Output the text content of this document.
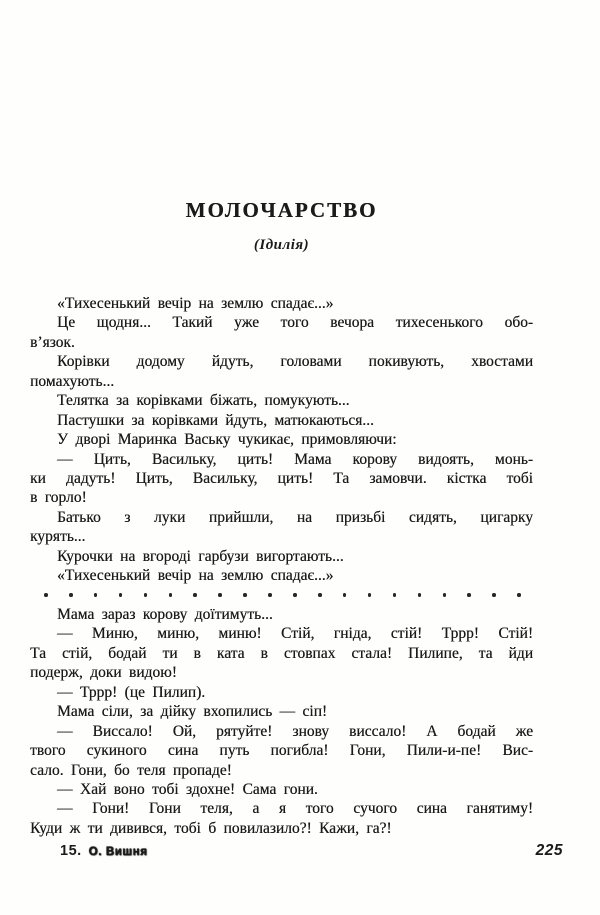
МОЛОЧАРСТВО
(Ідилія)
«Тихесенький вечір на землю спадає...»
Це щодня... Такий уже того вечора тихесенького обо-
в’язок.
Корівки додому йдуть, головами покивують, хвостами
помахують...
Телятка за корівками біжать, помукують...
Пастушки за корівками йдуть, матюкаються...
У дворі Маринка Ваську чукикає, примовляючи:
— Цить, Васильку, цить! Мама корову видоять, монь-
ки дадуть! Цить, Васильку, цить! Та замовчи. кістка тобі
в горло!
Батько з луки прийшли, на призьбі сидять, цигарку
курять...
Курочки на вгороді гарбузи вигортають...
«Тихесенький вечір на землю спадає...»
Мама зараз корову доїтимуть...
— Миню, миню, миню! Стій, гніда, стій! Тррр! Стій!
Та стій, бодай ти в ката в стовпах стала! Пилипе, та йди
подерж, доки видою!
— Тррр! (це Пилип).
Мама сіли, за дійку вхопились — сіп!
— Виссало! Ой, рятуйте! знову виссало! А бодай же
твого сукиного сина путь погибла! Гони, Пили-и-пе! Вис-
сало. Гони, бо теля пропаде!
— Хай воно тобі здохне! Сама гони.
— Гони! Гони теля, а я того сучого сина ганятиму!
Куди ж ти дивився, тобі б повилазило?! Кажи, га?!
15. О. Вишня	225
